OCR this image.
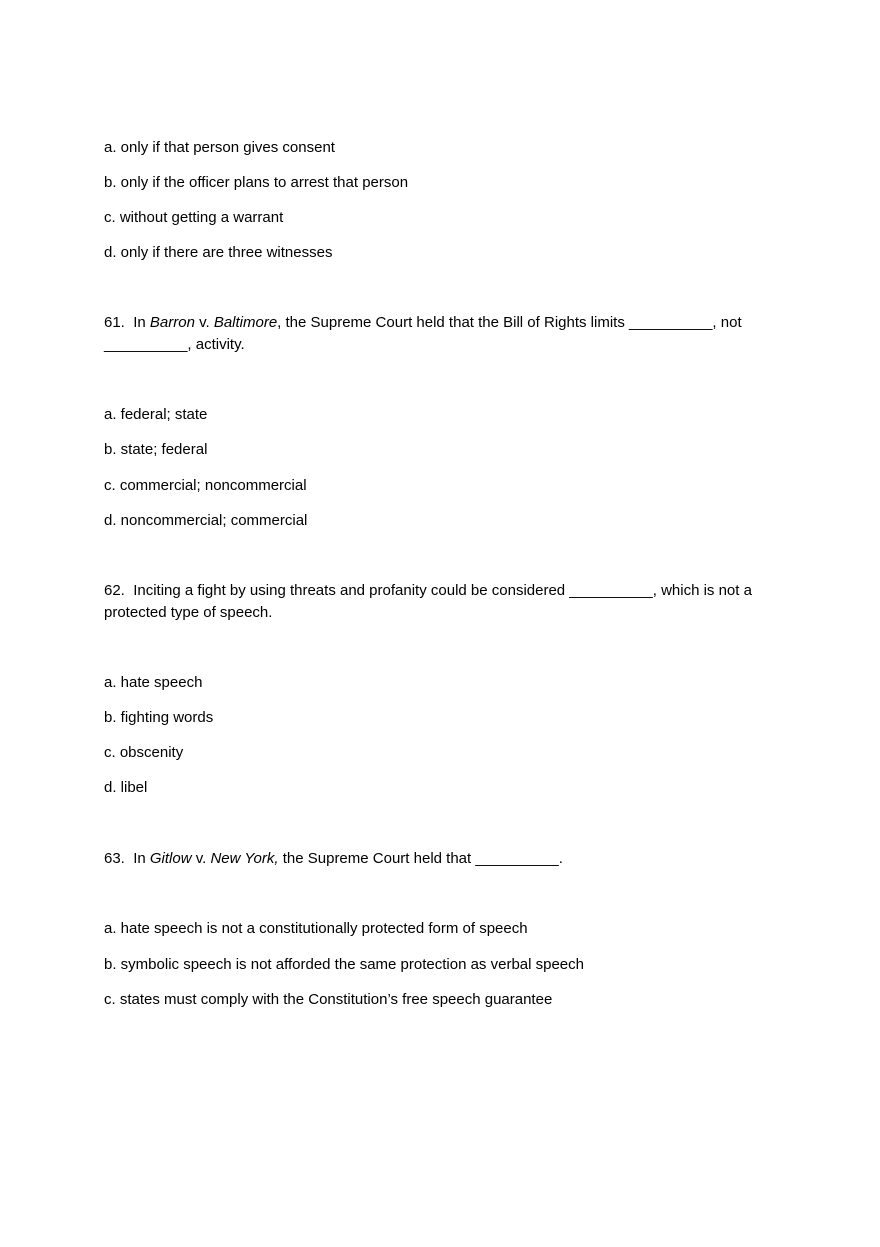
a. only if that person gives consent
b. only if the officer plans to arrest that person
c. without getting a warrant
d. only if there are three witnesses
61. In Barron v. Baltimore, the Supreme Court held that the Bill of Rights limits __________, not __________, activity.
a. federal; state
b. state; federal
c. commercial; noncommercial
d. noncommercial; commercial
62. Inciting a fight by using threats and profanity could be considered __________, which is not a protected type of speech.
a. hate speech
b. fighting words
c. obscenity
d. libel
63. In Gitlow v. New York, the Supreme Court held that __________.
a. hate speech is not a constitutionally protected form of speech
b. symbolic speech is not afforded the same protection as verbal speech
c. states must comply with the Constitution’s free speech guarantee
